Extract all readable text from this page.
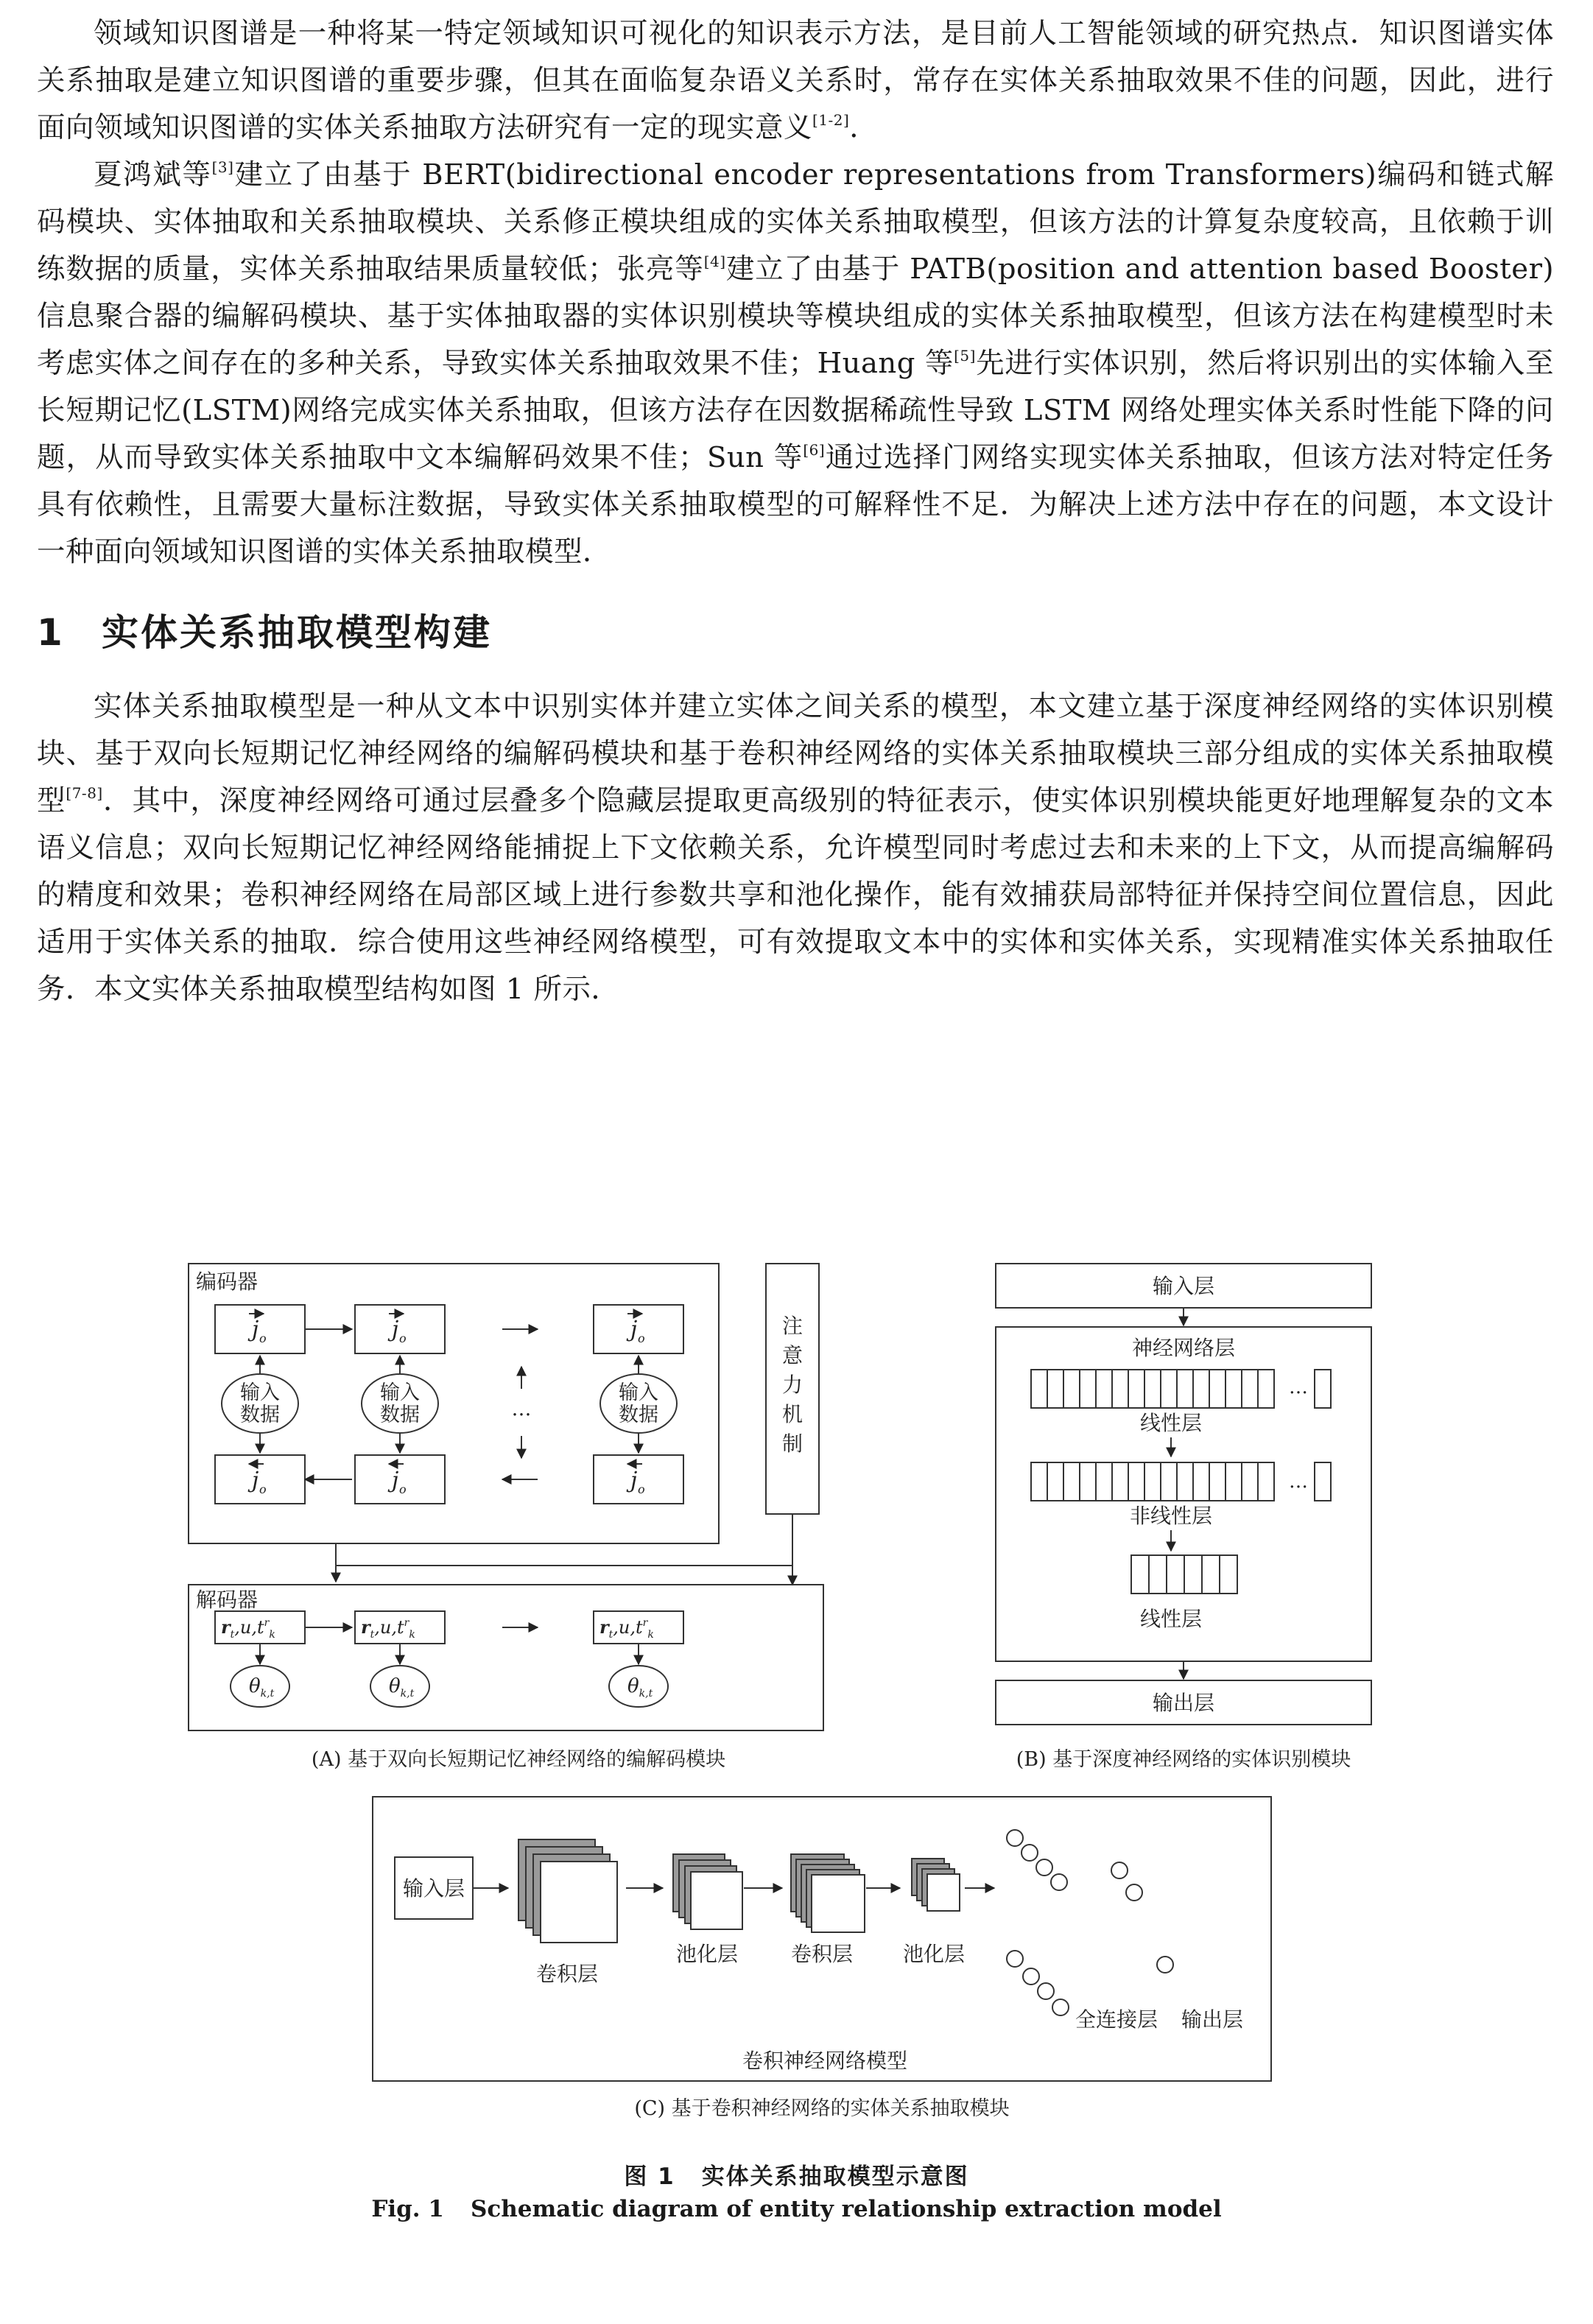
领域知识图谱是一种将某一特定领域知识可视化的知识表示方法，是目前人工智能领域的研究热点．知识图谱实体关系抽取是建立知识图谱的重要步骤，但其在面临复杂语义关系时，常存在实体关系抽取效果不佳的问题，因此，进行面向领域知识图谱的实体关系抽取方法研究有一定的现实意义[1-2]．

夏鸿斌等[3]建立了由基于 BERT(bidirectional encoder representations from Transformers)编码和链式解码模块、实体抽取和关系抽取模块、关系修正模块组成的实体关系抽取模型，但该方法的计算复杂度较高，且依赖于训练数据的质量，实体关系抽取结果质量较低；张亮等[4]建立了由基于 PATB(position and attention based Booster)信息聚合器的编解码模块、基于实体抽取器的实体识别模块等模块组成的实体关系抽取模型，但该方法在构建模型时未考虑实体之间存在的多种关系，导致实体关系抽取效果不佳；Huang 等[5]先进行实体识别，然后将识别出的实体输入至长短期记忆(LSTM)网络完成实体关系抽取，但该方法存在因数据稀疏性导致 LSTM 网络处理实体关系时性能下降的问题，从而导致实体关系抽取中文本编解码效果不佳；Sun 等[6]通过选择门网络实现实体关系抽取，但该方法对特定任务具有依赖性，且需要大量标注数据，导致实体关系抽取模型的可解释性不足．为解决上述方法中存在的问题，本文设计一种面向领域知识图谱的实体关系抽取模型．

1 实体关系抽取模型构建

实体关系抽取模型是一种从文本中识别实体并建立实体之间关系的模型，本文建立基于深度神经网络的实体识别模块、基于双向长短期记忆神经网络的编解码模块和基于卷积神经网络的实体关系抽取模块三部分组成的实体关系抽取模型[7-8]．其中，深度神经网络可通过层叠多个隐藏层提取更高级别的特征表示，使实体识别模块能更好地理解复杂的文本语义信息；双向长短期记忆神经网络能捕捉上下文依赖关系，允许模型同时考虑过去和未来的上下文，从而提高编解码的精度和效果；卷积神经网络在局部区域上进行参数共享和池化操作，能有效捕获局部特征并保持空间位置信息，因此适用于实体关系的抽取．综合使用这些神经网络模型，可有效提取文本中的实体和实体关系，实现精准实体关系抽取任务．本文实体关系抽取模型结构如图 1 所示．

编码器
j	j	j
o	o	o
j	j	j
o	o	o
输入
数据
输入
数据
输入
数据
…
注意力机制
解码器
$r_t,u,t^r_k$	$r_t,u,t^r_k$	$r_t,u,t^r_k$
$\theta_{k,t}$	$\theta_{k,t}$	$\theta_{k,t}$
输入层
神经网络层
…
线性层
…
非线性层
线性层
输出层
输入层
卷积层
池化层	卷积层 池化层
全连接层 输出层
卷积神经网络模型
(A) 基于双向长短期记忆神经网络的编解码模块	(B) 基于深度神经网络的实体识别模块
(C) 基于卷积神经网络的实体关系抽取模块
图 1 实体关系抽取模型示意图
Fig. 1 Schematic diagram of entity relationship extraction model
